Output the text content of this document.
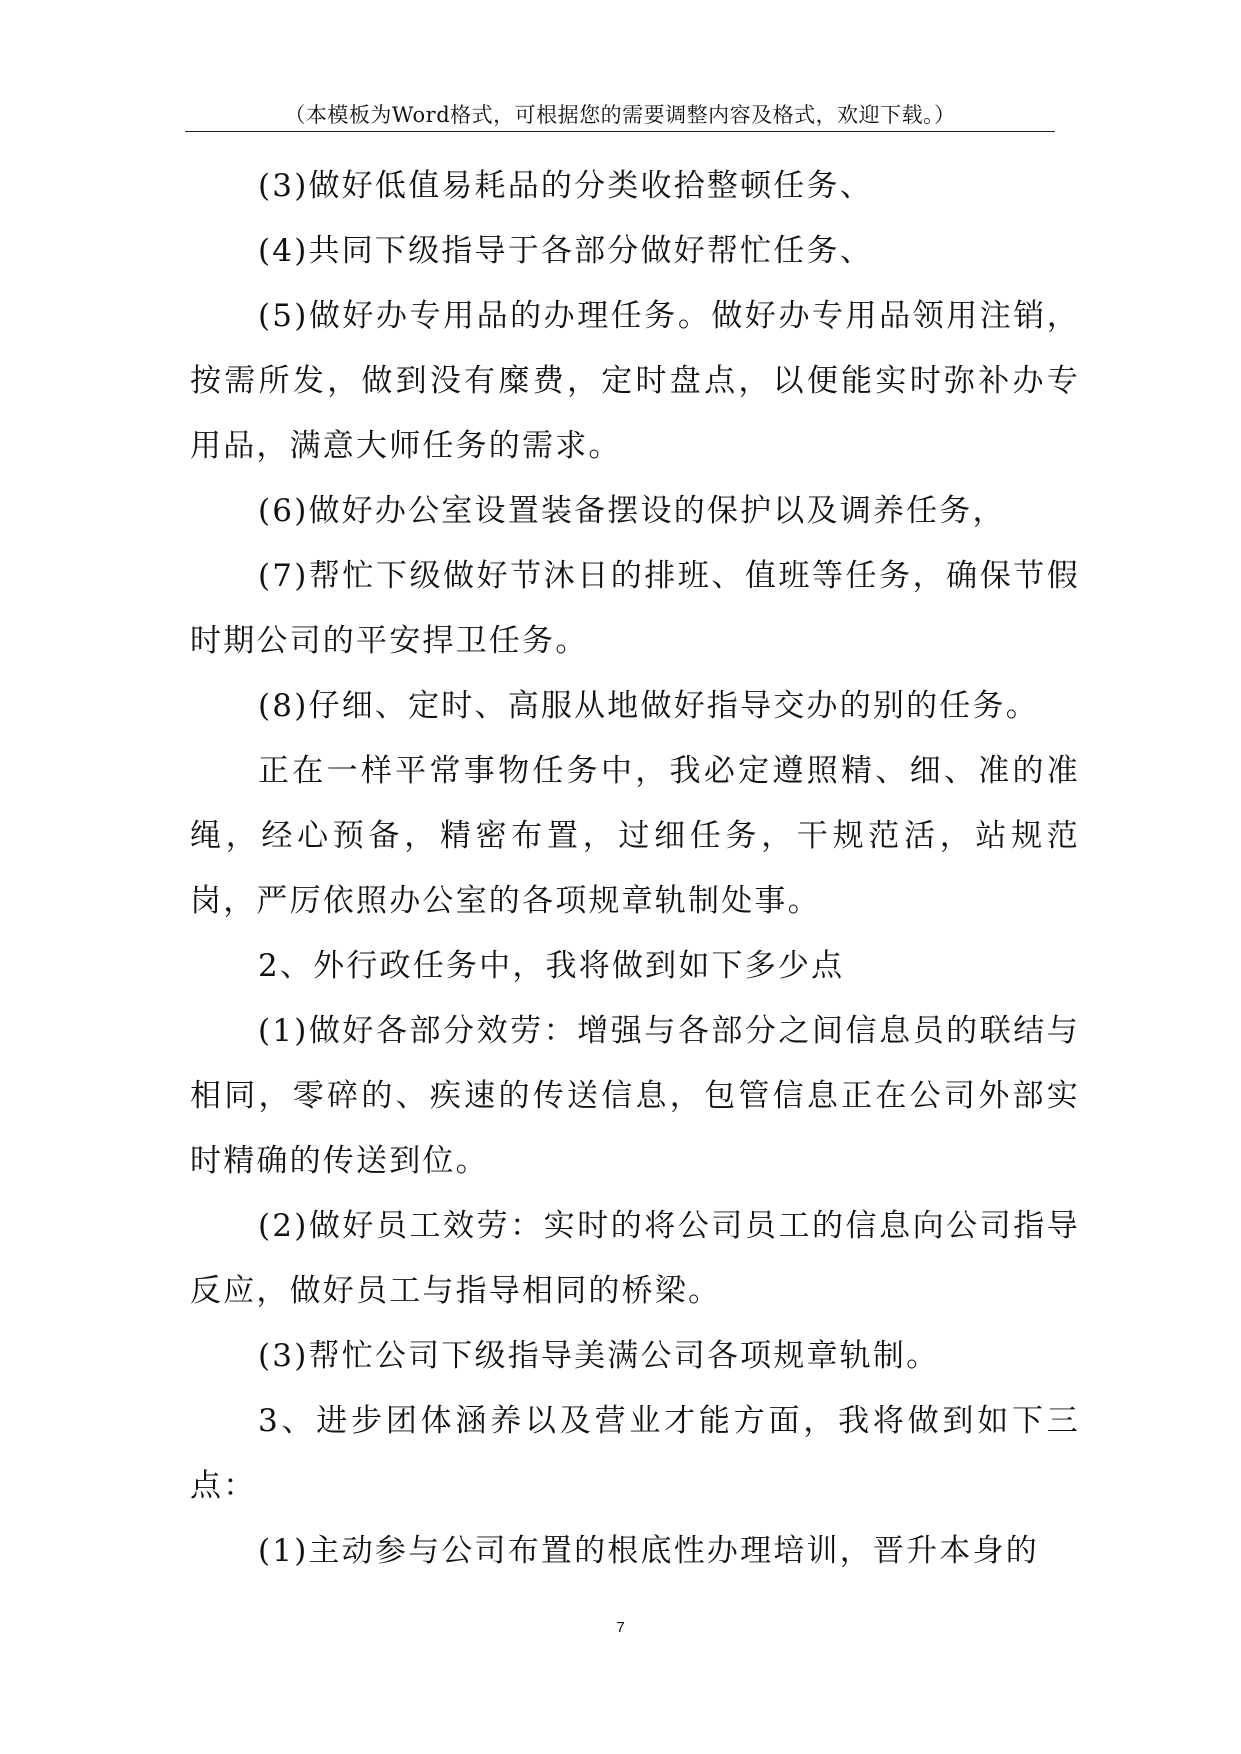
（本模板为Word格式，可根据您的需要调整内容及格式，欢迎下载。）

(3)做好低值易耗品的分类收拾整顿任务、

(4)共同下级指导于各部分做好帮忙任务、

(5)做好办专用品的办理任务。做好办专用品领用注销，按需所发，做到没有糜费，定时盘点，以便能实时弥补办专用品，满意大师任务的需求。

(6)做好办公室设置装备摆设的保护以及调养任务，

(7)帮忙下级做好节沐日的排班、值班等任务，确保节假时期公司的平安捍卫任务。

(8)仔细、定时、高服从地做好指导交办的别的任务。

正在一样平常事物任务中，我必定遵照精、细、准的准绳，经心预备，精密布置，过细任务，干规范活，站规范岗，严厉依照办公室的各项规章轨制处事。

2、外行政任务中，我将做到如下多少点

(1)做好各部分效劳：增强与各部分之间信息员的联结与相同，零碎的、疾速的传送信息，包管信息正在公司外部实时精确的传送到位。

(2)做好员工效劳：实时的将公司员工的信息向公司指导反应，做好员工与指导相同的桥梁。

(3)帮忙公司下级指导美满公司各项规章轨制。

3、进步团体涵养以及营业才能方面，我将做到如下三点：

(1)主动参与公司布置的根底性办理培训，晋升本身的

7
